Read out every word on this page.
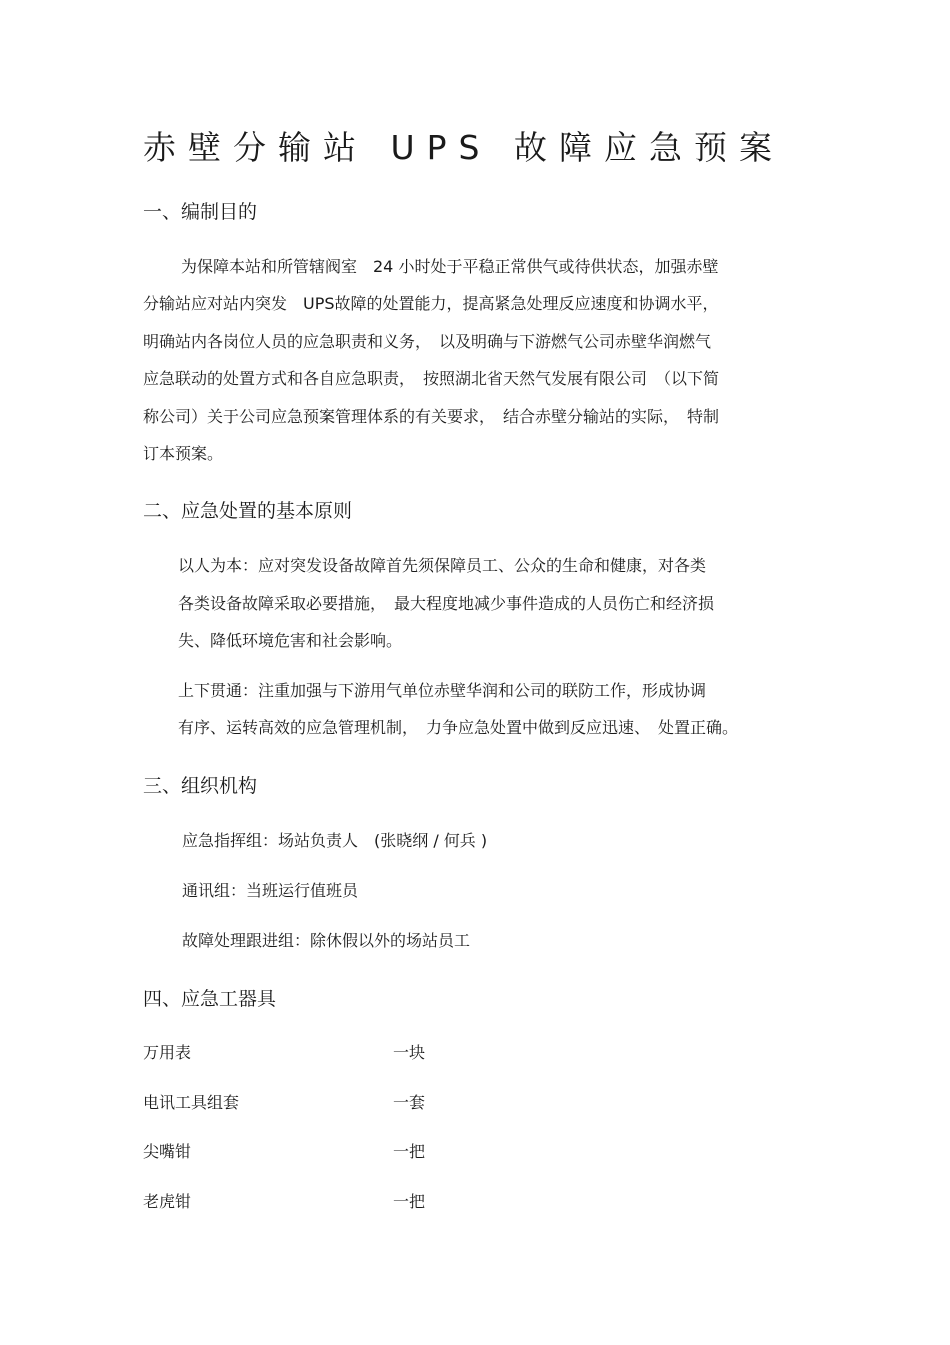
赤壁分输站 UPS 故障应急预案
一、编制目的

为保障本站和所管辖阀室　24 小时处于平稳正常供气或待供状态，加强赤壁

分输站应对站内突发　UPS故障的处置能力，提高紧急处理反应速度和协调水平，

明确站内各岗位人员的应急职责和义务，　以及明确与下游燃气公司赤壁华润燃气

应急联动的处置方式和各自应急职责，　按照湖北省天然气发展有限公司　（以下简

称公司）关于公司应急预案管理体系的有关要求，　结合赤壁分输站的实际，　特制

订本预案。

二、应急处置的基本原则

以人为本：应对突发设备故障首先须保障员工、公众的生命和健康，对各类

各类设备故障采取必要措施，　最大程度地减少事件造成的人员伤亡和经济损

失、降低环境危害和社会影响。

上下贯通：注重加强与下游用气单位赤壁华润和公司的联防工作，形成协调

有序、运转高效的应急管理机制，　力争应急处置中做到反应迅速、　处置正确。

三、组织机构

应急指挥组：场站负责人　(张晓纲 / 何兵 )

通讯组：当班运行值班员

故障处理跟进组：除休假以外的场站员工

四、应急工器具
万用表	一块
电讯工具组套	一套
尖嘴钳	一把
老虎钳	一把
